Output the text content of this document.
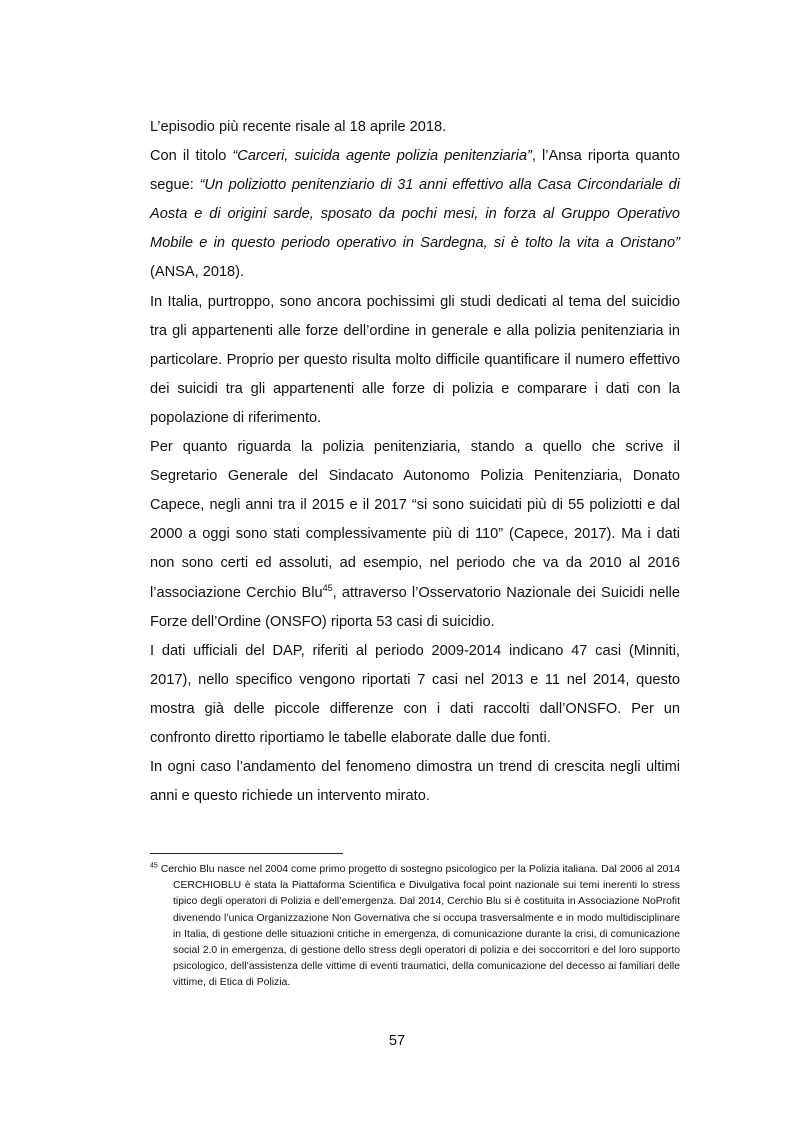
L’episodio più recente risale al 18 aprile 2018.

Con il titolo “Carceri, suicida agente polizia penitenziaria”, l’Ansa riporta quanto segue: “Un poliziotto penitenziario di 31 anni effettivo alla Casa Circondariale di Aosta e di origini sarde, sposato da pochi mesi, in forza al Gruppo Operativo Mobile e in questo periodo operativo in Sardegna, si è tolto la vita a Oristano” (ANSA, 2018).

In Italia, purtroppo, sono ancora pochissimi gli studi dedicati al tema del suicidio tra gli appartenenti alle forze dell’ordine in generale e alla polizia penitenziaria in particolare. Proprio per questo risulta molto difficile quantificare il numero effettivo dei suicidi tra gli appartenenti alle forze di polizia e comparare i dati con la popolazione di riferimento.

Per quanto riguarda la polizia penitenziaria, stando a quello che scrive il Segretario Generale del Sindacato Autonomo Polizia Penitenziaria, Donato Capece, negli anni tra il 2015 e il 2017 “si sono suicidati più di 55 poliziotti e dal 2000 a oggi sono stati complessivamente più di 110” (Capece, 2017). Ma i dati non sono certi ed assoluti, ad esempio, nel periodo che va da 2010 al 2016 l’associazione Cerchio Blu$^{45}$, attraverso l’Osservatorio Nazionale dei Suicidi nelle Forze dell’Ordine (ONSFO) riporta 53 casi di suicidio.

I dati ufficiali del DAP, riferiti al periodo 2009-2014 indicano 47 casi (Minniti, 2017), nello specifico vengono riportati 7 casi nel 2013 e 11 nel 2014, questo mostra già delle piccole differenze con i dati raccolti dall’ONSFO. Per un confronto diretto riportiamo le tabelle elaborate dalle due fonti.

In ogni caso l’andamento del fenomeno dimostra un trend di crescita negli ultimi anni e questo richiede un intervento mirato.

$^{45}$ Cerchio Blu nasce nel 2004 come primo progetto di sostegno psicologico per la Polizia italiana. Dal 2006 al 2014 CERCHIOBLU è stata la Piattaforma Scientifica e Divulgativa focal point nazionale sui temi inerenti lo stress tipico degli operatori di Polizia e dell’emergenza. Dal 2014, Cerchio Blu si è costituita in Associazione NoProfit divenendo l’unica Organizzazione Non Governativa che si occupa trasversalmente e in modo multidisciplinare in Italia, di gestione delle situazioni critiche in emergenza, di comunicazione durante la crisi, di comunicazione social 2.0 in emergenza, di gestione dello stress degli operatori di polizia e dei soccorritori e del loro supporto psicologico, dell’assistenza delle vittime di eventi traumatici, della comunicazione del decesso ai familiari delle vittime, di Etica di Polizia.
57
